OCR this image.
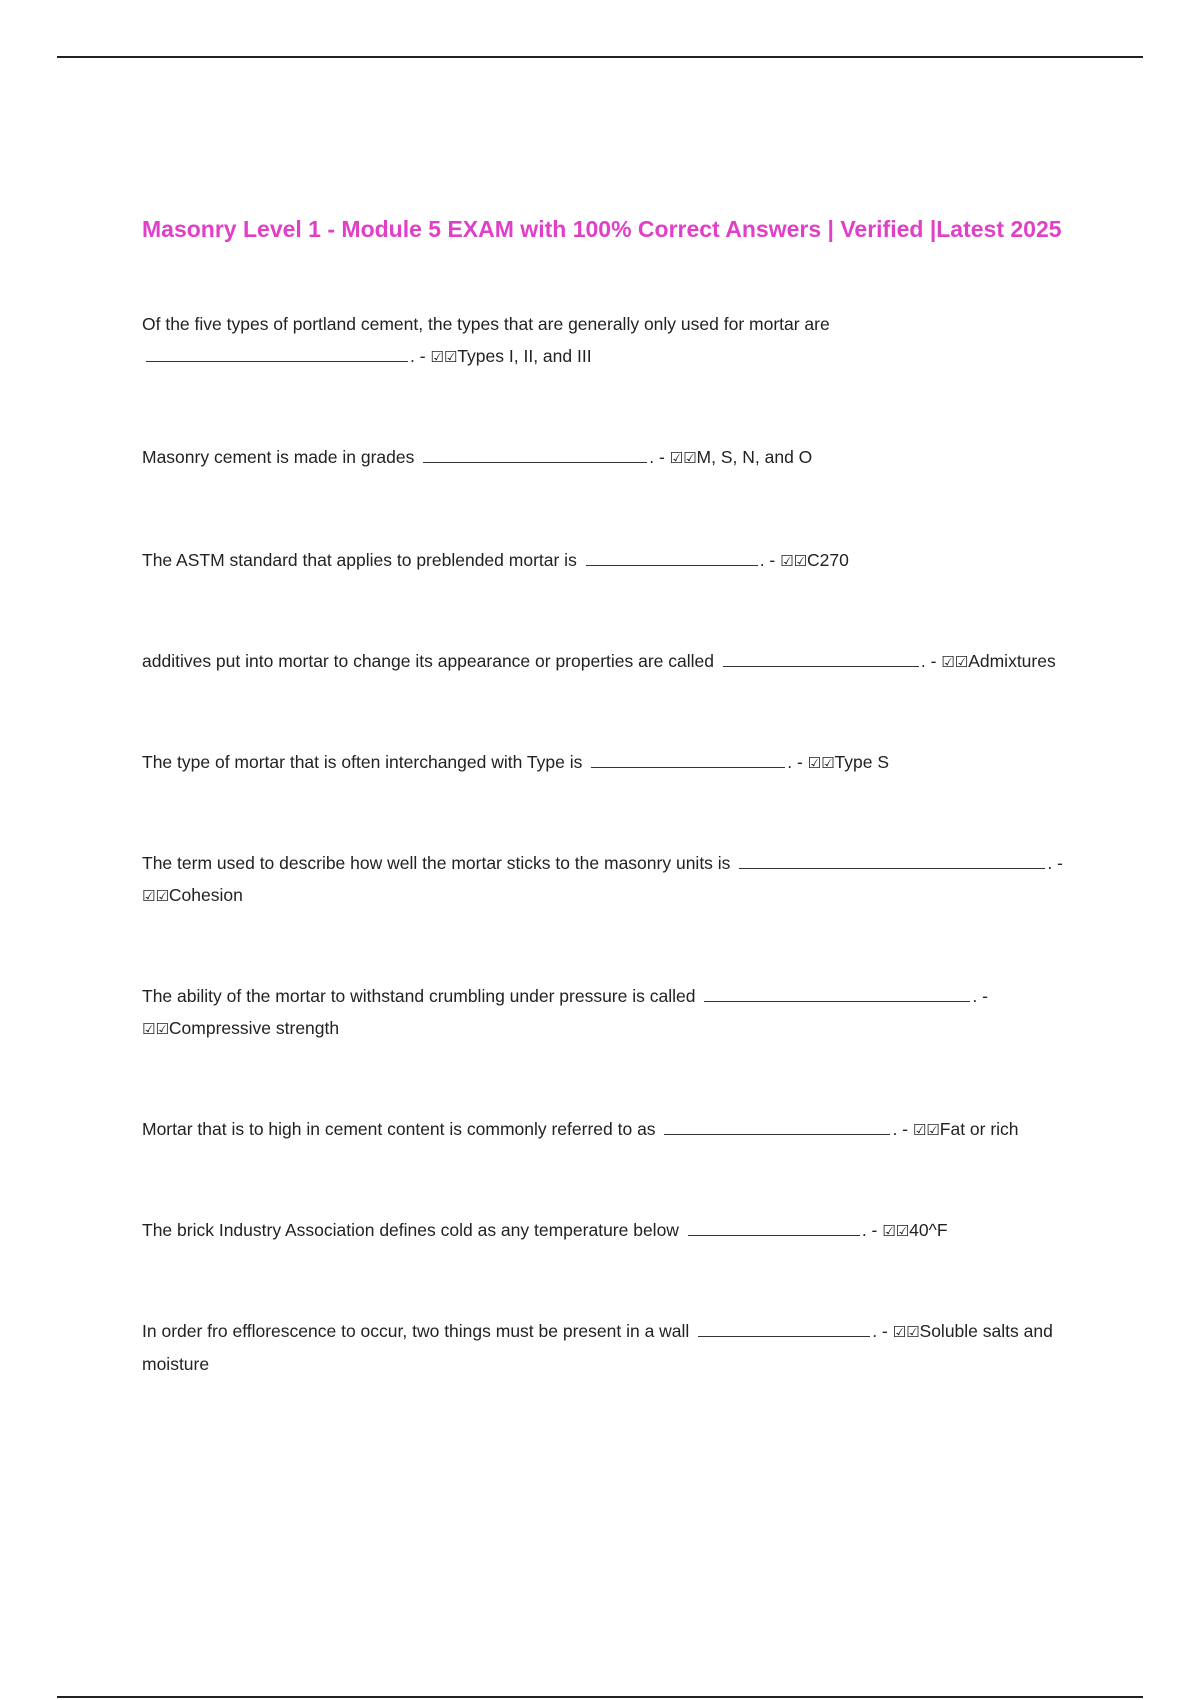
Masonry Level 1 - Module 5 EXAM with 100% Correct Answers | Verified |Latest 2025
Of the five types of portland cement, the types that are generally only used for mortar are . - ☑☑Types I, II, and III
Masonry cement is made in grades	. - ☑☑M, S, N, and O
The ASTM standard that applies to preblended mortar is	. - ☑☑C270
additives put into mortar to change its appearance or properties are called	. - ☑☑Admixtures
The type of mortar that is often interchanged with Type is	. - ☑☑Type S
The term used to describe how well the mortar sticks to the masonry units is	. - ☑☑Cohesion
The ability of the mortar to withstand crumbling under pressure is called	. - ☑☑Compressive strength
Mortar that is to high in cement content is commonly referred to as	. - ☑☑Fat or rich
The brick Industry Association defines cold as any temperature below	. - ☑☑40^F
In order fro efflorescence to occur, two things must be present in a wall	. - ☑☑Soluble salts and moisture
